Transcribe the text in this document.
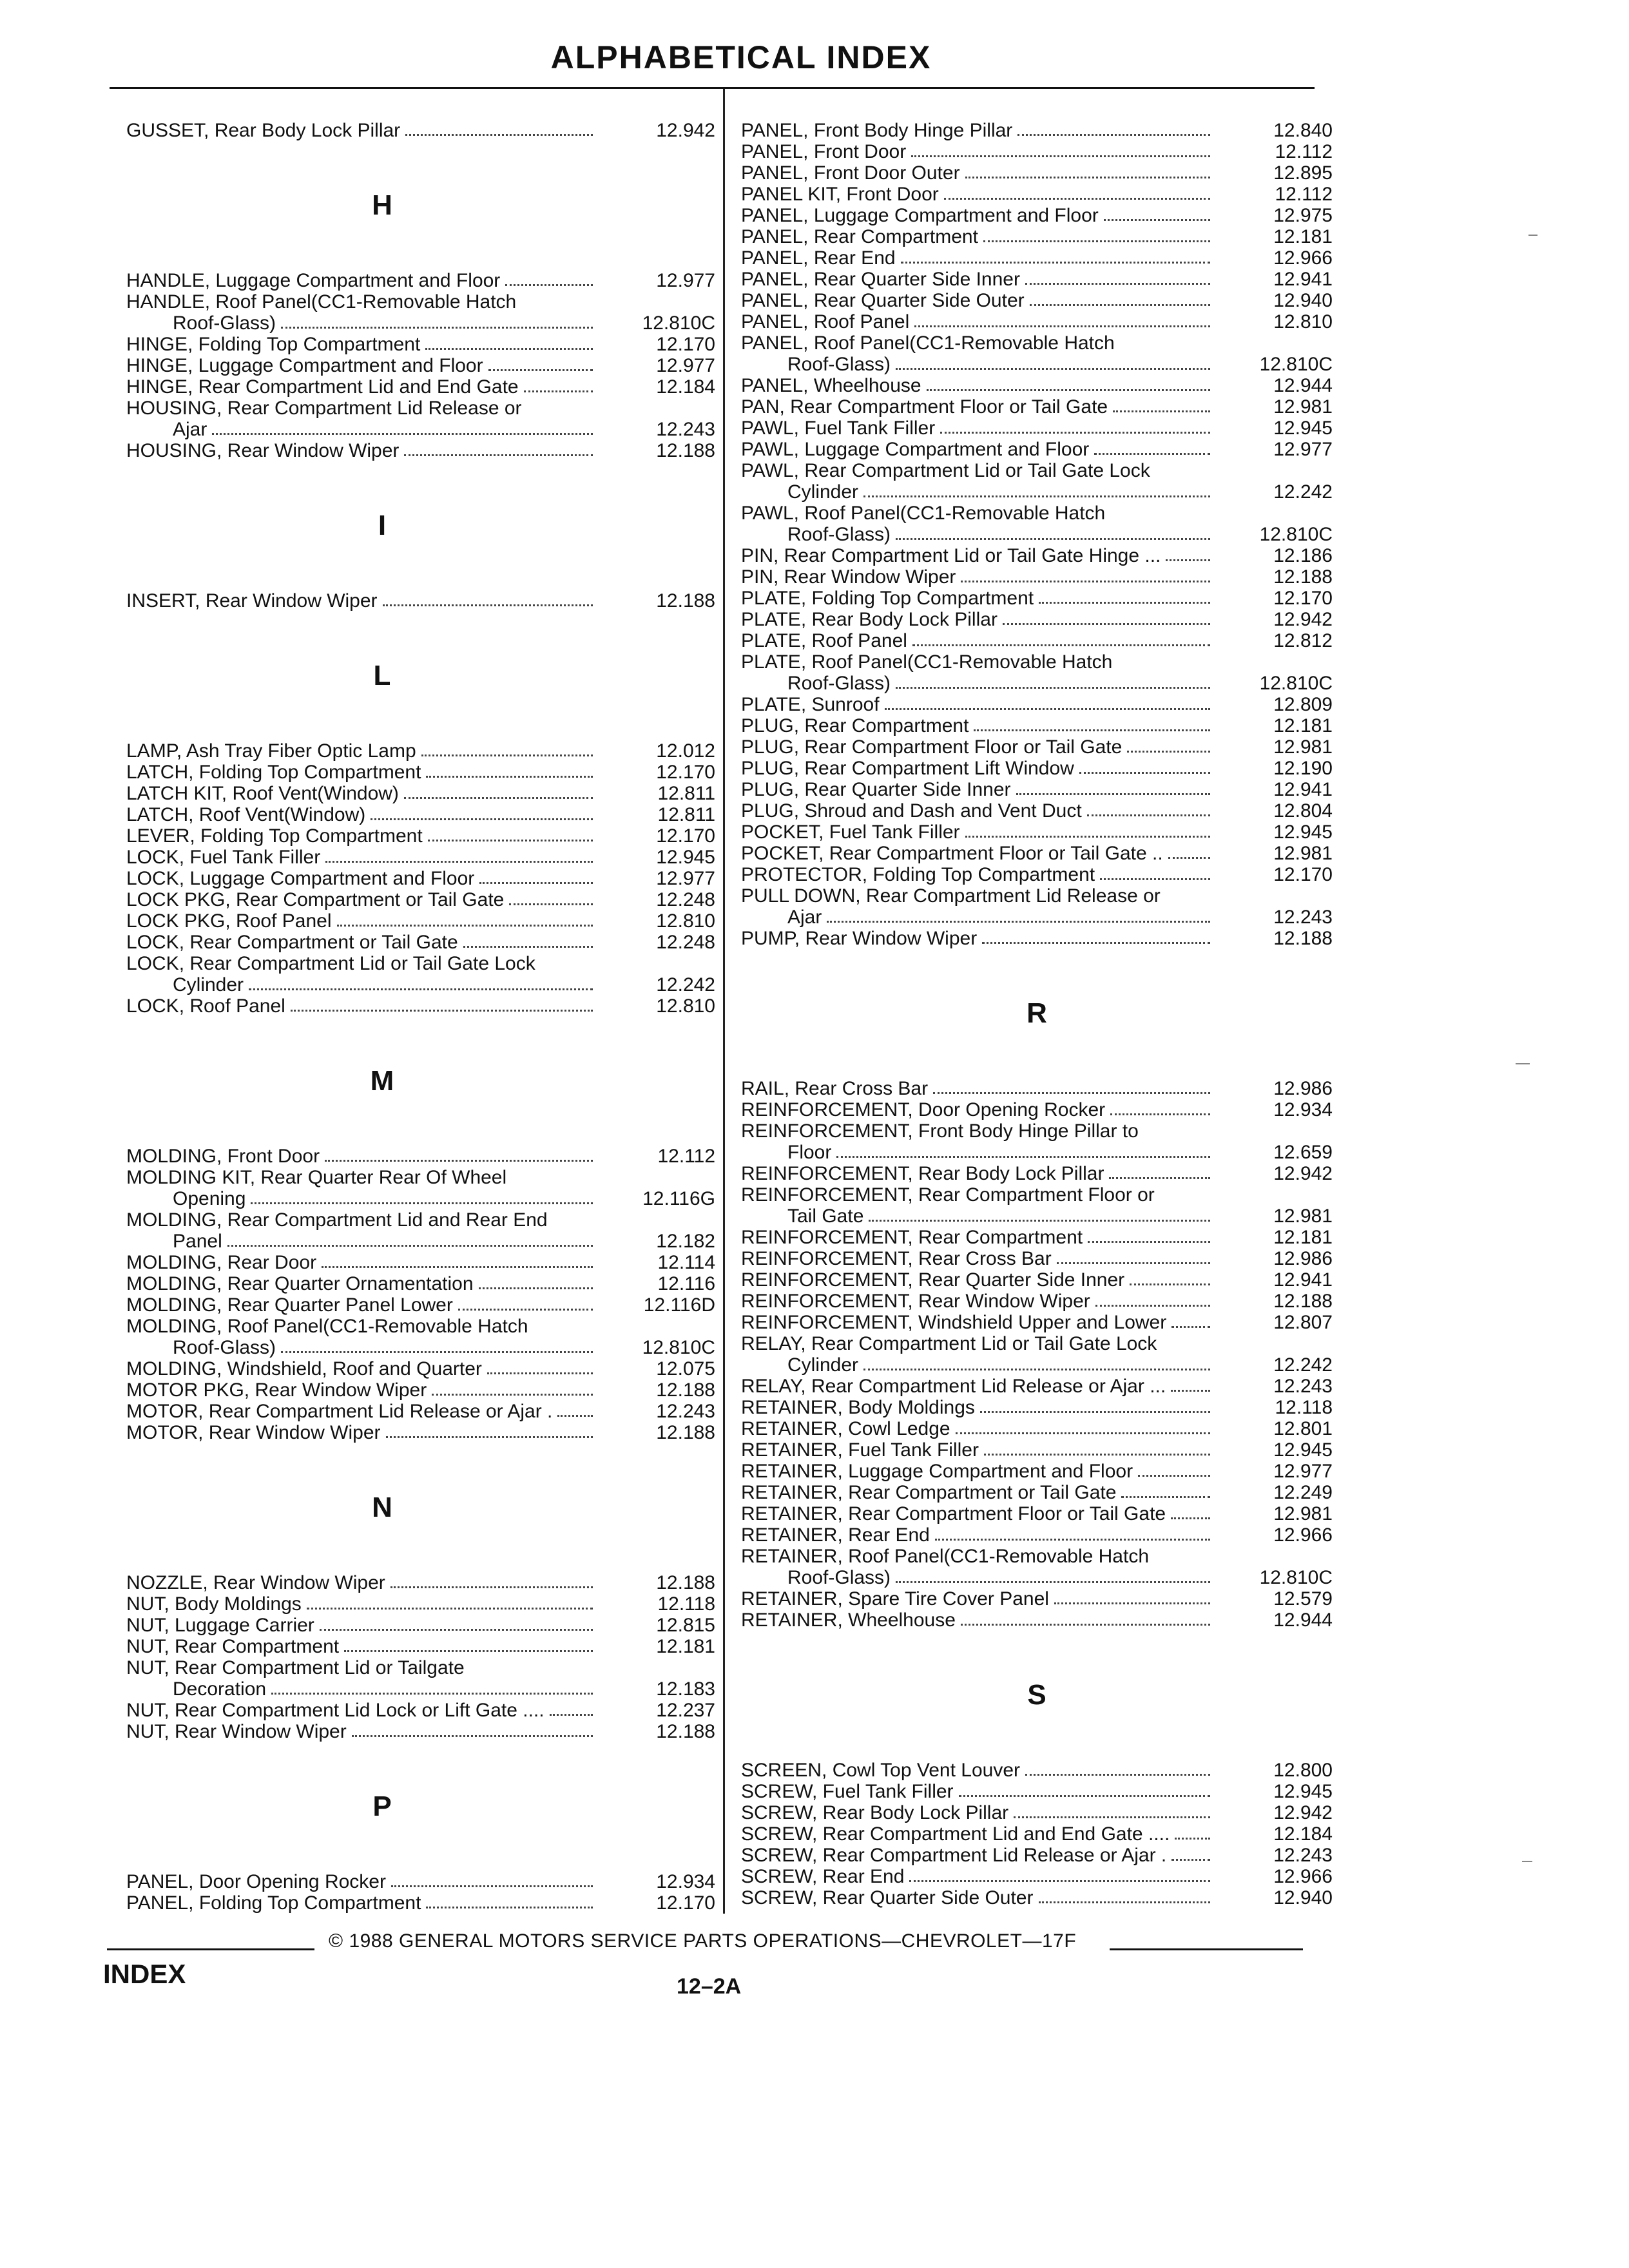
ALPHABETICAL INDEX
GUSSET, Rear Body Lock Pillar	12.942
H
HANDLE, Luggage Compartment and Floor	12.977
HANDLE, Roof Panel(CC1-Removable Hatch
Roof-Glass)	12.810C
HINGE, Folding Top Compartment	12.170
HINGE, Luggage Compartment and Floor	12.977
HINGE, Rear Compartment Lid and End Gate	12.184
HOUSING, Rear Compartment Lid Release or
Ajar	12.243
HOUSING, Rear Window Wiper	12.188
I
INSERT, Rear Window Wiper	12.188
L
LAMP, Ash Tray Fiber Optic Lamp	12.012
LATCH, Folding Top Compartment	12.170
LATCH KIT, Roof Vent(Window)	12.811
LATCH, Roof Vent(Window)	12.811
LEVER, Folding Top Compartment	12.170
LOCK, Fuel Tank Filler	12.945
LOCK, Luggage Compartment and Floor	12.977
LOCK PKG, Rear Compartment or Tail Gate	12.248
LOCK PKG, Roof Panel	12.810
LOCK, Rear Compartment or Tail Gate	12.248
LOCK, Rear Compartment Lid or Tail Gate Lock
Cylinder	12.242
LOCK, Roof Panel	12.810
M
MOLDING, Front Door	12.112
MOLDING KIT, Rear Quarter Rear Of Wheel
Opening	12.116G
MOLDING, Rear Compartment Lid and Rear End
Panel	12.182
MOLDING, Rear Door	12.114
MOLDING, Rear Quarter Ornamentation	12.116
MOLDING, Rear Quarter Panel Lower	12.116D
MOLDING, Roof Panel(CC1-Removable Hatch
Roof-Glass)	12.810C
MOLDING, Windshield, Roof and Quarter	12.075
MOTOR PKG, Rear Window Wiper	12.188
MOTOR, Rear Compartment Lid Release or Ajar .	12.243
MOTOR, Rear Window Wiper	12.188
N
NOZZLE, Rear Window Wiper	12.188
NUT, Body Moldings	12.118
NUT, Luggage Carrier	12.815
NUT, Rear Compartment	12.181
NUT, Rear Compartment Lid or Tailgate
Decoration	12.183
NUT, Rear Compartment Lid Lock or Lift Gate ....	12.237
NUT, Rear Window Wiper	12.188
P
PANEL, Door Opening Rocker	12.934
PANEL, Folding Top Compartment	12.170
PANEL, Front Body Hinge Pillar	12.840
PANEL, Front Door	12.112
PANEL, Front Door Outer	12.895
PANEL KIT, Front Door	12.112
PANEL, Luggage Compartment and Floor	12.975
PANEL, Rear Compartment	12.181
PANEL, Rear End	12.966
PANEL, Rear Quarter Side Inner	12.941
PANEL, Rear Quarter Side Outer	12.940
PANEL, Roof Panel	12.810
PANEL, Roof Panel(CC1-Removable Hatch
Roof-Glass)	12.810C
PANEL, Wheelhouse	12.944
PAN, Rear Compartment Floor or Tail Gate	12.981
PAWL, Fuel Tank Filler	12.945
PAWL, Luggage Compartment and Floor	12.977
PAWL, Rear Compartment Lid or Tail Gate Lock
Cylinder	12.242
PAWL, Roof Panel(CC1-Removable Hatch
Roof-Glass)	12.810C
PIN, Rear Compartment Lid or Tail Gate Hinge ...	12.186
PIN, Rear Window Wiper	12.188
PLATE, Folding Top Compartment	12.170
PLATE, Rear Body Lock Pillar	12.942
PLATE, Roof Panel	12.812
PLATE, Roof Panel(CC1-Removable Hatch
Roof-Glass)	12.810C
PLATE, Sunroof	12.809
PLUG, Rear Compartment	12.181
PLUG, Rear Compartment Floor or Tail Gate	12.981
PLUG, Rear Compartment Lift Window	12.190
PLUG, Rear Quarter Side Inner	12.941
PLUG, Shroud and Dash and Vent Duct	12.804
POCKET, Fuel Tank Filler	12.945
POCKET, Rear Compartment Floor or Tail Gate ..	12.981
PROTECTOR, Folding Top Compartment	12.170
PULL DOWN, Rear Compartment Lid Release or
Ajar	12.243
PUMP, Rear Window Wiper	12.188
R
RAIL, Rear Cross Bar	12.986
REINFORCEMENT, Door Opening Rocker	12.934
REINFORCEMENT, Front Body Hinge Pillar to
Floor	12.659
REINFORCEMENT, Rear Body Lock Pillar	12.942
REINFORCEMENT, Rear Compartment Floor or
Tail Gate	12.981
REINFORCEMENT, Rear Compartment	12.181
REINFORCEMENT, Rear Cross Bar	12.986
REINFORCEMENT, Rear Quarter Side Inner	12.941
REINFORCEMENT, Rear Window Wiper	12.188
REINFORCEMENT, Windshield Upper and Lower	12.807
RELAY, Rear Compartment Lid or Tail Gate Lock
Cylinder	12.242
RELAY, Rear Compartment Lid Release or Ajar ...	12.243
RETAINER, Body Moldings	12.118
RETAINER, Cowl Ledge	12.801
RETAINER, Fuel Tank Filler	12.945
RETAINER, Luggage Compartment and Floor	12.977
RETAINER, Rear Compartment or Tail Gate	12.249
RETAINER, Rear Compartment Floor or Tail Gate	12.981
RETAINER, Rear End	12.966
RETAINER, Roof Panel(CC1-Removable Hatch
Roof-Glass)	12.810C
RETAINER, Spare Tire Cover Panel	12.579
RETAINER, Wheelhouse	12.944
S
SCREEN, Cowl Top Vent Louver	12.800
SCREW, Fuel Tank Filler	12.945
SCREW, Rear Body Lock Pillar	12.942
SCREW, Rear Compartment Lid and End Gate ....	12.184
SCREW, Rear Compartment Lid Release or Ajar .	12.243
SCREW, Rear End	12.966
SCREW, Rear Quarter Side Outer	12.940
© 1988 GENERAL MOTORS SERVICE PARTS OPERATIONS—CHEVROLET—17F
INDEX	12–2A
